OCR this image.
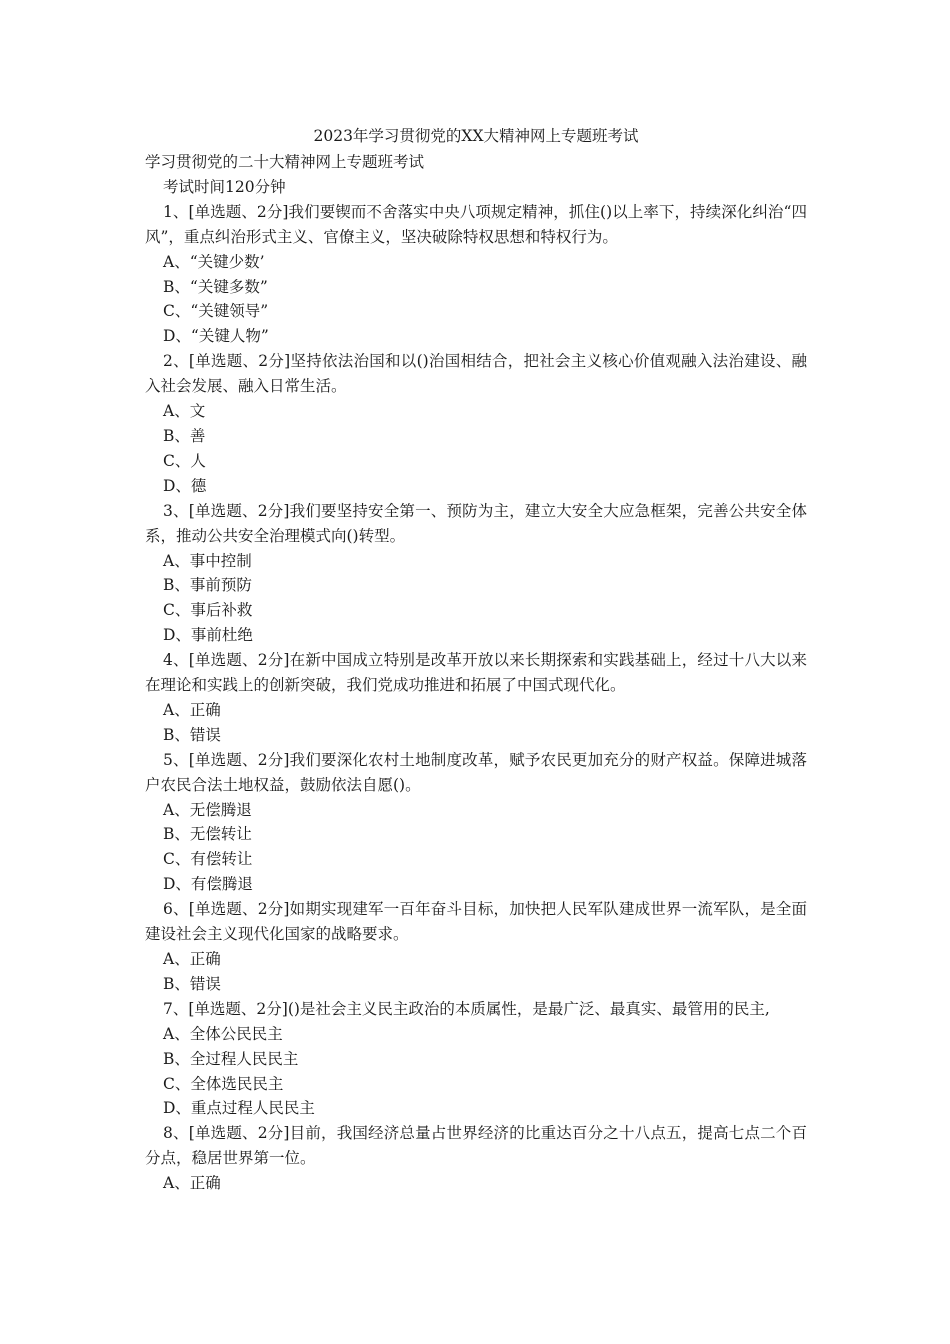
2023年学习贯彻党的XX大精神网上专题班考试

学习贯彻党的二十大精神网上专题班考试

考试时间120分钟

1、[单选题、2分]我们要锲而不舍落实中央八项规定精神，抓住()以上率下，持续深化纠治“四风”，重点纠治形式主义、官僚主义，坚决破除特权思想和特权行为。

A、“关键少数’

B、“关键多数”

C、“关键领导”

D、“关键人物”

2、[单选题、2分]坚持依法治国和以()治国相结合，把社会主义核心价值观融入法治建设、融入社会发展、融入日常生活。

A、文

B、善

C、人

D、德

3、[单选题、2分]我们要坚持安全第一、预防为主，建立大安全大应急框架，完善公共安全体系，推动公共安全治理模式向()转型。

A、事中控制

B、事前预防

C、事后补救

D、事前杜绝

4、[单选题、2分]在新中国成立特别是改革开放以来长期探索和实践基础上，经过十八大以来在理论和实践上的创新突破，我们党成功推进和拓展了中国式现代化。

A、正确

B、错误

5、[单选题、2分]我们要深化农村土地制度改革，赋予农民更加充分的财产权益。保障进城落户农民合法土地权益，鼓励依法自愿()。

A、无偿腾退

B、无偿转让

C、有偿转让

D、有偿腾退

6、[单选题、2分]如期实现建军一百年奋斗目标，加快把人民军队建成世界一流军队，是全面建设社会主义现代化国家的战略要求。

A、正确

B、错误

7、[单选题、2分]()是社会主义民主政治的本质属性，是最广泛、最真实、最管用的民主,

A、全体公民民主

B、全过程人民民主

C、全体选民民主

D、重点过程人民民主

8、[单选题、2分]目前，我国经济总量占世界经济的比重达百分之十八点五，提高七点二个百分点，稳居世界第一位。

A、正确
